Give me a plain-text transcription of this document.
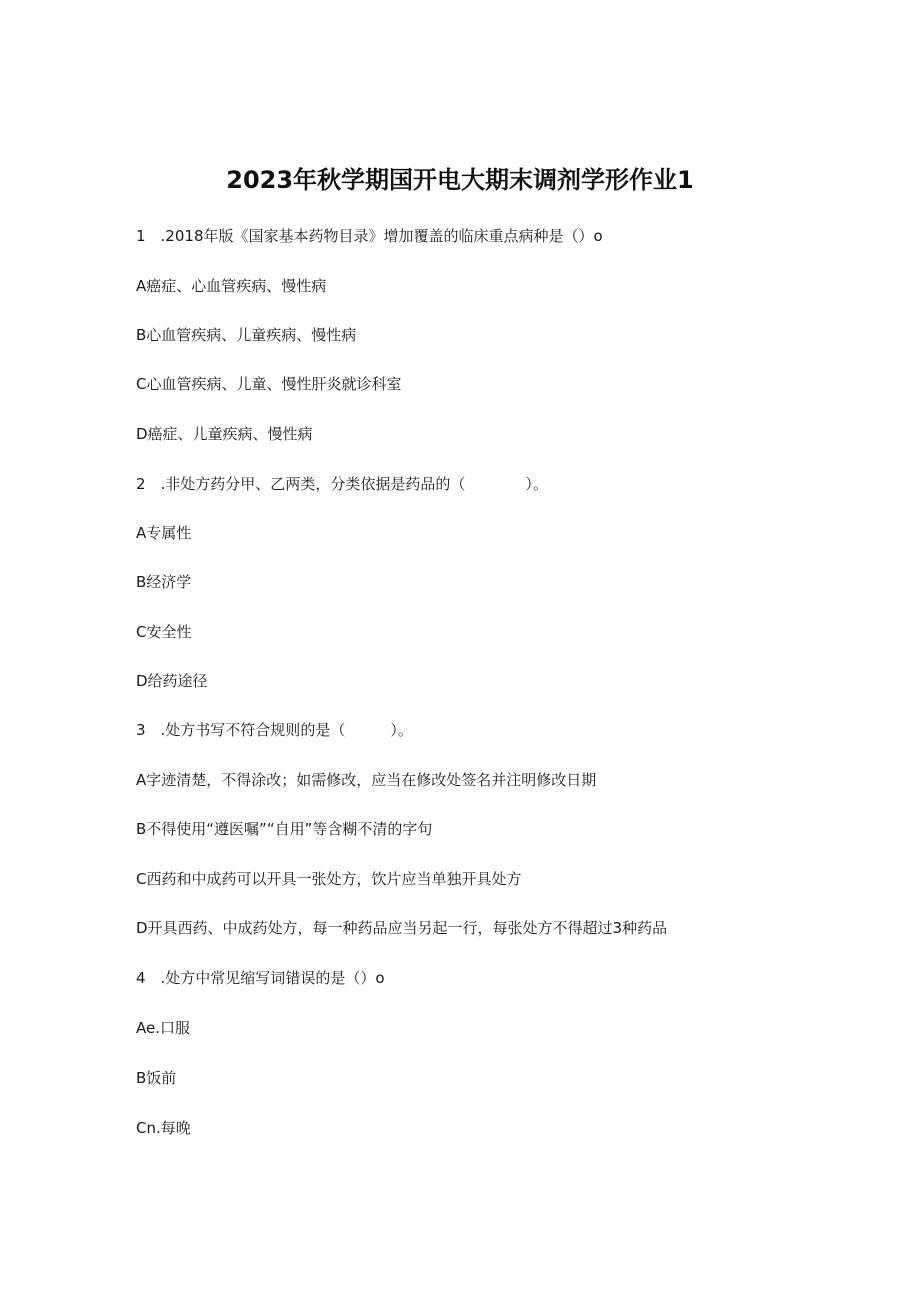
2023年秋学期国开电大期末调剂学形作业1
1　.2018年版《国家基本药物目录》增加覆盖的临床重点病种是（）o
A癌症、心血管疾病、慢性病
B心血管疾病、儿童疾病、慢性病
C心血管疾病、儿童、慢性肝炎就诊科室
D癌症、儿童疾病、慢性病
2　.非处方药分甲、乙两类，分类依据是药品的（　　　　）。
A专属性
B经济学
C安全性
D给药途径
3　.处方书写不符合规则的是（　　　）。
A字迹清楚，不得涂改；如需修改，应当在修改处签名并注明修改日期
B不得使用“遵医嘱”“自用”等含糊不清的字句
C西药和中成药可以开具一张处方，饮片应当单独开具处方
D开具西药、中成药处方，每一种药品应当另起一行，每张处方不得超过3种药品
4　.处方中常见缩写词错误的是（）o
Ae.口服
B饭前
Cn.每晚
